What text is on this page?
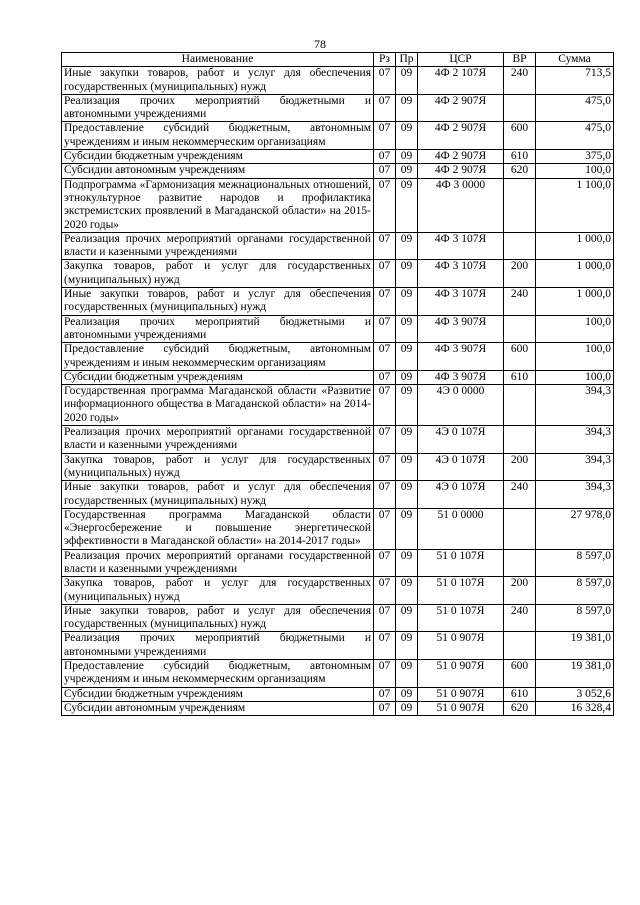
78
Наименование	Рз	Пр	ЦСР	ВР	Сумма
Иные закупки товаров, работ и услуг для обеспечения государственных (муниципальных) нужд	07	09	4Ф 2 107Я	240	713,5
Реализация прочих мероприятий бюджетными и автономными учреждениями	07	09	4Ф 2 907Я		475,0
Предоставление субсидий бюджетным, автономным учреждениям и иным некоммерческим организациям	07	09	4Ф 2 907Я	600	475,0
Субсидии бюджетным учреждениям	07	09	4Ф 2 907Я	610	375,0
Субсидии автономным учреждениям	07	09	4Ф 2 907Я	620	100,0
Подпрограмма «Гармонизация межнациональных отношений, этнокультурное развитие народов и профилактика экстремистских проявлений в Магаданской области» на 2015-2020 годы»	07	09	4Ф 3 0000		1 100,0
Реализация прочих мероприятий органами государственной власти и казенными учреждениями	07	09	4Ф 3 107Я		1 000,0
Закупка товаров, работ и услуг для государственных (муниципальных) нужд	07	09	4Ф 3 107Я	200	1 000,0
Иные закупки товаров, работ и услуг для обеспечения государственных (муниципальных) нужд	07	09	4Ф 3 107Я	240	1 000,0
Реализация прочих мероприятий бюджетными и автономными учреждениями	07	09	4Ф 3 907Я		100,0
Предоставление субсидий бюджетным, автономным учреждениям и иным некоммерческим организациям	07	09	4Ф 3 907Я	600	100,0
Субсидии бюджетным учреждениям	07	09	4Ф 3 907Я	610	100,0
Государственная программа Магаданской области «Развитие информационного общества в Магаданской области» на 2014-2020 годы»	07	09	4Э 0 0000		394,3
Реализация прочих мероприятий органами государственной власти и казенными учреждениями	07	09	4Э 0 107Я		394,3
Закупка товаров, работ и услуг для государственных (муниципальных) нужд	07	09	4Э 0 107Я	200	394,3
Иные закупки товаров, работ и услуг для обеспечения государственных (муниципальных) нужд	07	09	4Э 0 107Я	240	394,3
Государственная программа Магаданской области «Энергосбережение и повышение энергетической эффективности в Магаданской области» на 2014-2017 годы»	07	09	51 0 0000		27 978,0
Реализация прочих мероприятий органами государственной власти и казенными учреждениями	07	09	51 0 107Я		8 597,0
Закупка товаров, работ и услуг для государственных (муниципальных) нужд	07	09	51 0 107Я	200	8 597,0
Иные закупки товаров, работ и услуг для обеспечения государственных (муниципальных) нужд	07	09	51 0 107Я	240	8 597,0
Реализация прочих мероприятий бюджетными и автономными учреждениями	07	09	51 0 907Я		19 381,0
Предоставление субсидий бюджетным, автономным учреждениям и иным некоммерческим организациям	07	09	51 0 907Я	600	19 381,0
Субсидии бюджетным учреждениям	07	09	51 0 907Я	610	3 052,6
Субсидии автономным учреждениям	07	09	51 0 907Я	620	16 328,4
